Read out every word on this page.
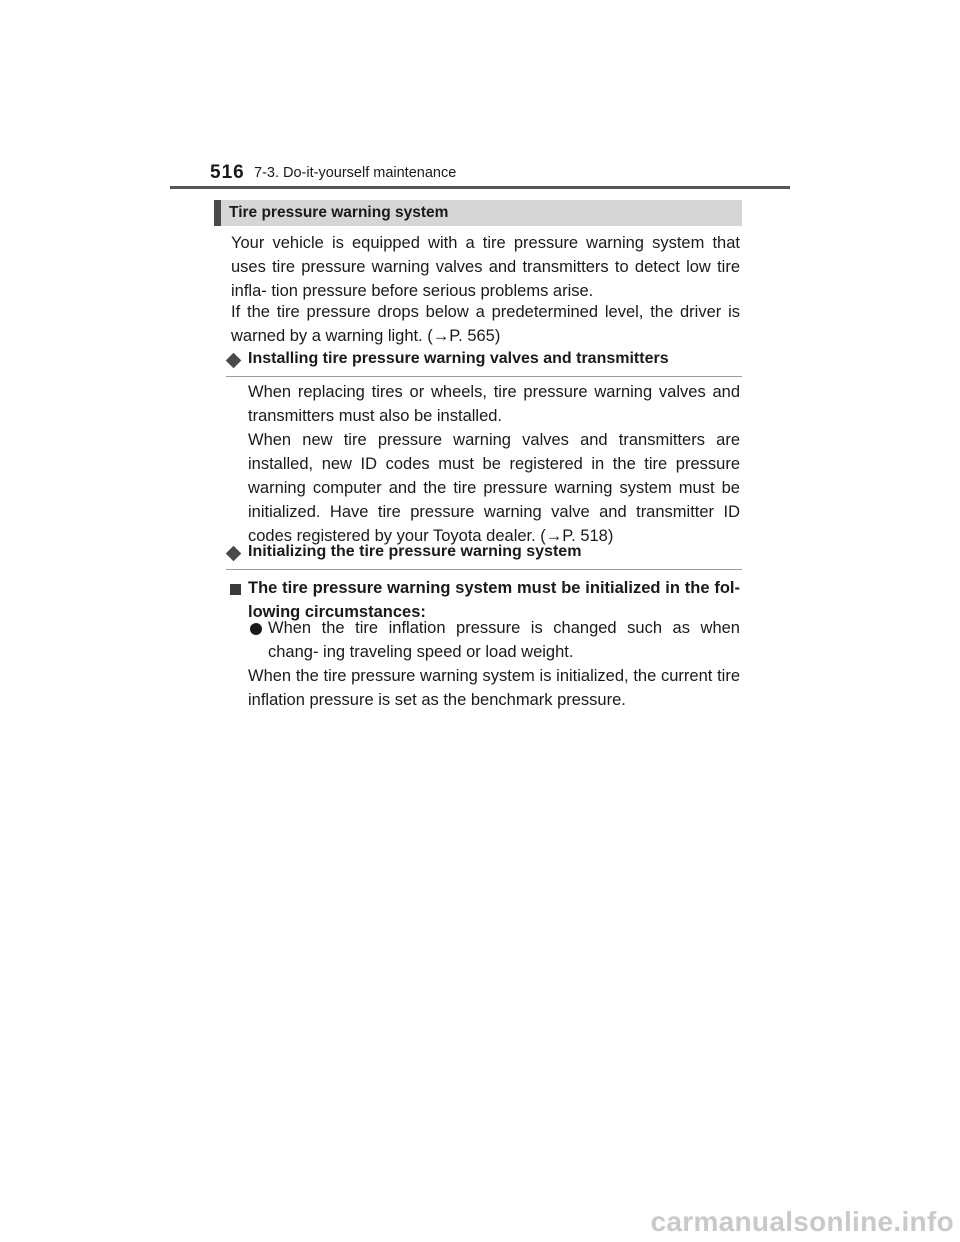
516 7-3. Do-it-yourself maintenance
Tire pressure warning system

Your vehicle is equipped with a tire pressure warning system that uses tire pressure warning valves and transmitters to detect low tire infla- tion pressure before serious problems arise.

If the tire pressure drops below a predetermined level, the driver is warned by a warning light. (→P. 565)

Installing tire pressure warning valves and transmitters

When replacing tires or wheels, tire pressure warning valves and transmitters must also be installed.

When new tire pressure warning valves and transmitters are installed, new ID codes must be registered in the tire pressure warning computer and the tire pressure warning system must be initialized. Have tire pressure warning valve and transmitter ID codes registered by your Toyota dealer. (→P. 518)

Initializing the tire pressure warning system

The tire pressure warning system must be initialized in the fol- lowing circumstances:

When the tire inflation pressure is changed such as when chang- ing traveling speed or load weight.

When the tire pressure warning system is initialized, the current tire inflation pressure is set as the benchmark pressure.

carmanualsonline.info
